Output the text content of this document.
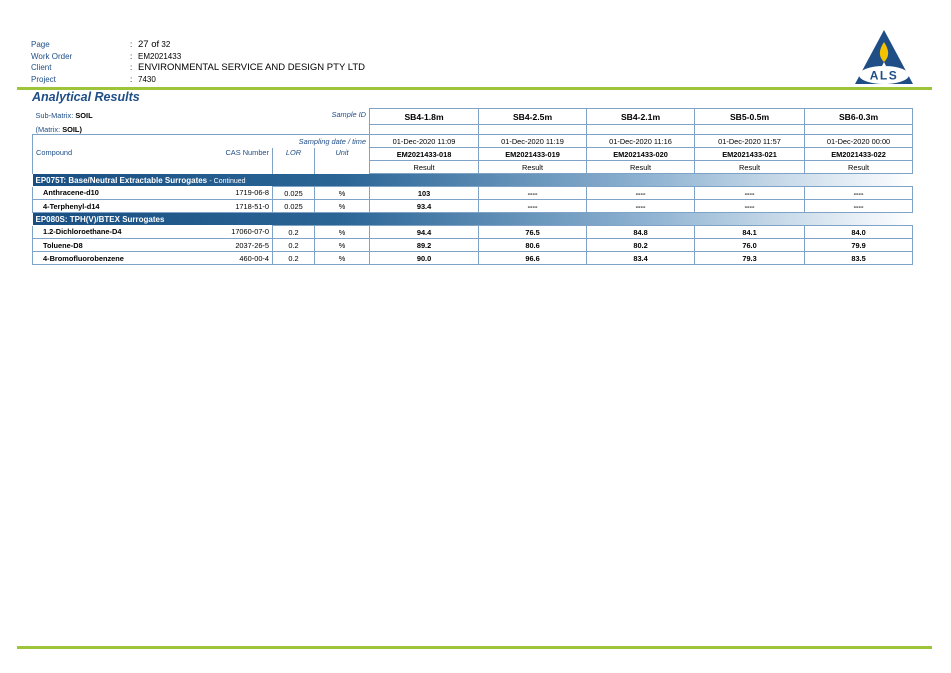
Page	: 27 of 32
Work Order	: EM2021433
Client	: ENVIRONMENTAL SERVICE AND DESIGN PTY LTD
Project	: 7430	ALS
Analytical Results
Sub-Matrix: SOIL		Sample ID		SB4-1.8m	SB4-2.5m	SB4-2.1m	SB5-0.5m	SB6-0.3m
(Matrix: SOIL)								
Sampling date / time				01-Dec-2020 11:09	01-Dec-2020 11:19	01-Dec-2020 11:16	01-Dec-2020 11:57	01-Dec-2020 00:00
Compound	CAS Number	LOR	Unit	EM2021433-018	EM2021433-019	EM2021433-020	EM2021433-021	EM2021433-022
				Result	Result	Result	Result	Result
EP075T: Base/Neutral Extractable Surrogates - Continued								
Anthracene-d10	1719-06-8	0.025	%	103	----	----	----	----
4-Terphenyl-d14	1718-51-0	0.025	%	93.4	----	----	----	----
EP080S: TPH(V)/BTEX Surrogates								
1.2-Dichloroethane-D4	17060-07-0	0.2	%	94.4	76.5	84.8	84.1	84.0
Toluene-D8	2037-26-5	0.2	%	89.2	80.6	80.2	76.0	79.9
4-Bromofluorobenzene	460-00-4	0.2	%	90.0	96.6	83.4	79.3	83.5
